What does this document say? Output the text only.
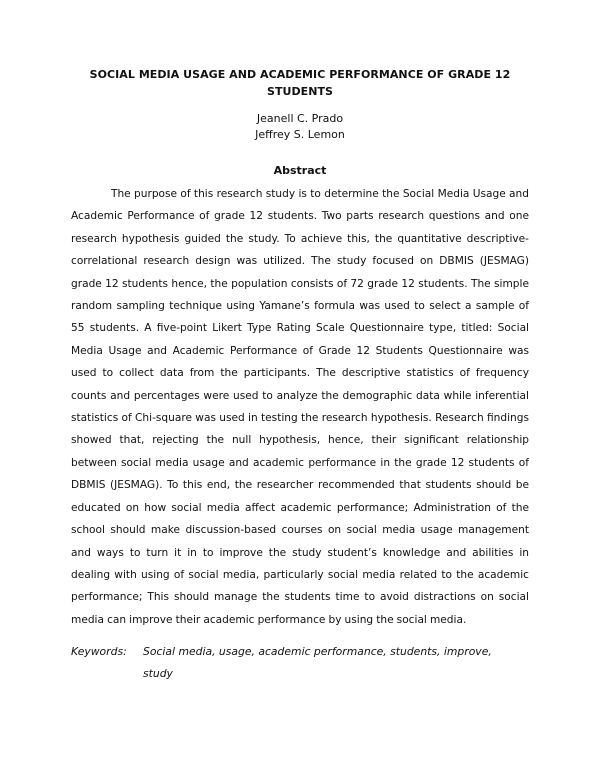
SOCIAL MEDIA USAGE AND ACADEMIC PERFORMANCE OF GRADE 12 STUDENTS
Jeanell C. Prado
Jeffrey S. Lemon
Abstract

The purpose of this research study is to determine the Social Media Usage and Academic Performance of grade 12 students. Two parts research questions and one research hypothesis guided the study. To achieve this, the quantitative descriptive-correlational research design was utilized. The study focused on DBMIS (JESMAG) grade 12 students hence, the population consists of 72 grade 12 students. The simple random sampling technique using Yamane’s formula was used to select a sample of 55 students. A five-point Likert Type Rating Scale Questionnaire type, titled: Social Media Usage and Academic Performance of Grade 12 Students Questionnaire was used to collect data from the participants. The descriptive statistics of frequency counts and percentages were used to analyze the demographic data while inferential statistics of Chi-square was used in testing the research hypothesis. Research findings showed that, rejecting the null hypothesis, hence, their significant relationship between social media usage and academic performance in the grade 12 students of DBMIS (JESMAG). To this end, the researcher recommended that students should be educated on how social media affect academic performance; Administration of the school should make discussion-based courses on social media usage management and ways to turn it in to improve the study student’s knowledge and abilities in dealing with using of social media, particularly social media related to the academic performance; This should manage the students time to avoid distractions on social media can improve their academic performance by using the social media.

Keywords: Social media, usage, academic performance, students, improve, study
